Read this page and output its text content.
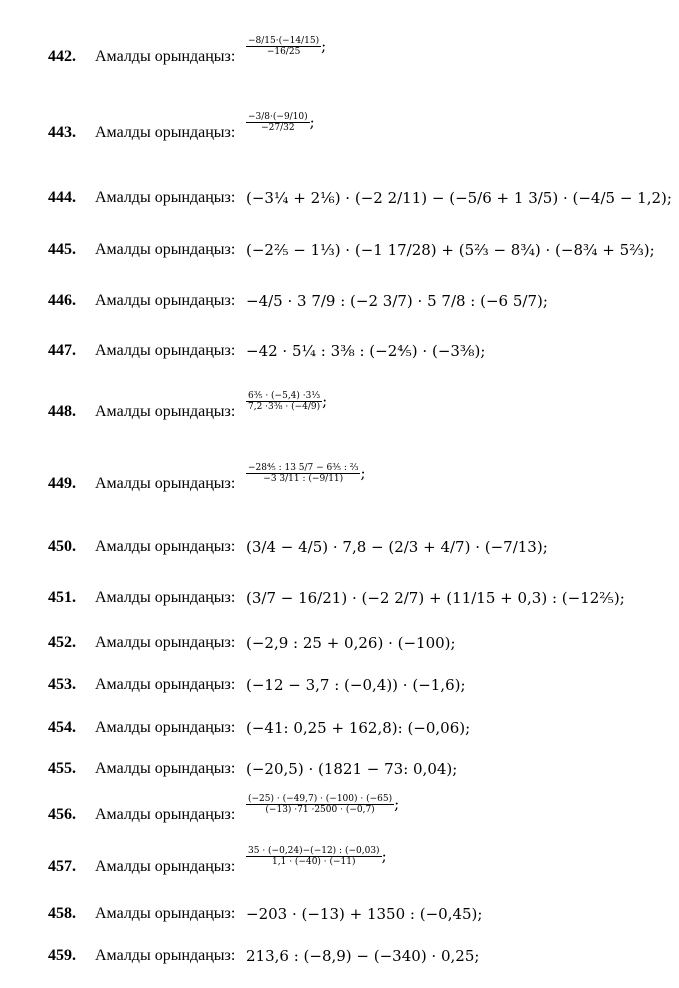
442. Амалды орындаңыз: $\frac{-8/15\cdot(-14/15)}{-16/25}$ ;
443. Амалды орындаңыз: $\frac{-3/8\cdot(-9/10)}{-27/32}$ ;
444. Амалды орындаңыз: (−3¼ + 2⅙) · (−2 2/11) − (−5/6 + 1 3/5) · (−4/5 − 1,2);
445. Амалды орындаңыз: (−2⅖ − 1⅓) · (−1 17/28) + (5⅔ − 8¾) · (−8¾ + 5⅔);
446. Амалды орындаңыз: −4/5 · 3 7/9 : (−2 3/7) · 5 7/8 : (−6 5/7);
447. Амалды орындаңыз: −42 · 5¼ : 3⅜ : (−2⅘) · (−3⅜);
448. Амалды орындаңыз: $\frac{\text{6⅗ · (−5,4) ·3⅓}}{\text{7,2 ·3⅜ · (−4/9)}}$ ;
449. Амалды орындаңыз: $\frac{\text{−28⅘ : 13 5/7 − 6⅗ : ⅔}}{-3 3/11 : (-9/11)}$ ;
450. Амалды орындаңыз: (3/4 − 4/5) · 7,8 − (2/3 + 4/7) · (−7/13);
451. Амалды орындаңыз: (3/7 − 16/21) · (−2 2/7) + (11/15 + 0,3) : (−12⅖);
452. Амалды орындаңыз: (−2,9 : 25 + 0,26) · (−100);
453. Амалды орындаңыз: (−12 − 3,7 : (−0,4)) · (−1,6);
454. Амалды орындаңыз: (−41: 0,25 + 162,8): (−0,06);
455. Амалды орындаңыз: (−20,5) · (1821 − 73: 0,04);
456. Амалды орындаңыз: $\frac{(-25) \cdot (-49,7) \cdot (-100) \cdot (-65)}{(-13) \cdot 71 \cdot 2500 \cdot (-0,7)}$ ;
457. Амалды орындаңыз: $\frac{35 \cdot (-0,24)-(-12) : (-0,03)}{1,1 \cdot (-40) \cdot (-11)}$ ;
458. Амалды орындаңыз: −203 · (−13) + 1350 : (−0,45);
459. Амалды орындаңыз: 213,6 : (−8,9) − (−340) · 0,25;
